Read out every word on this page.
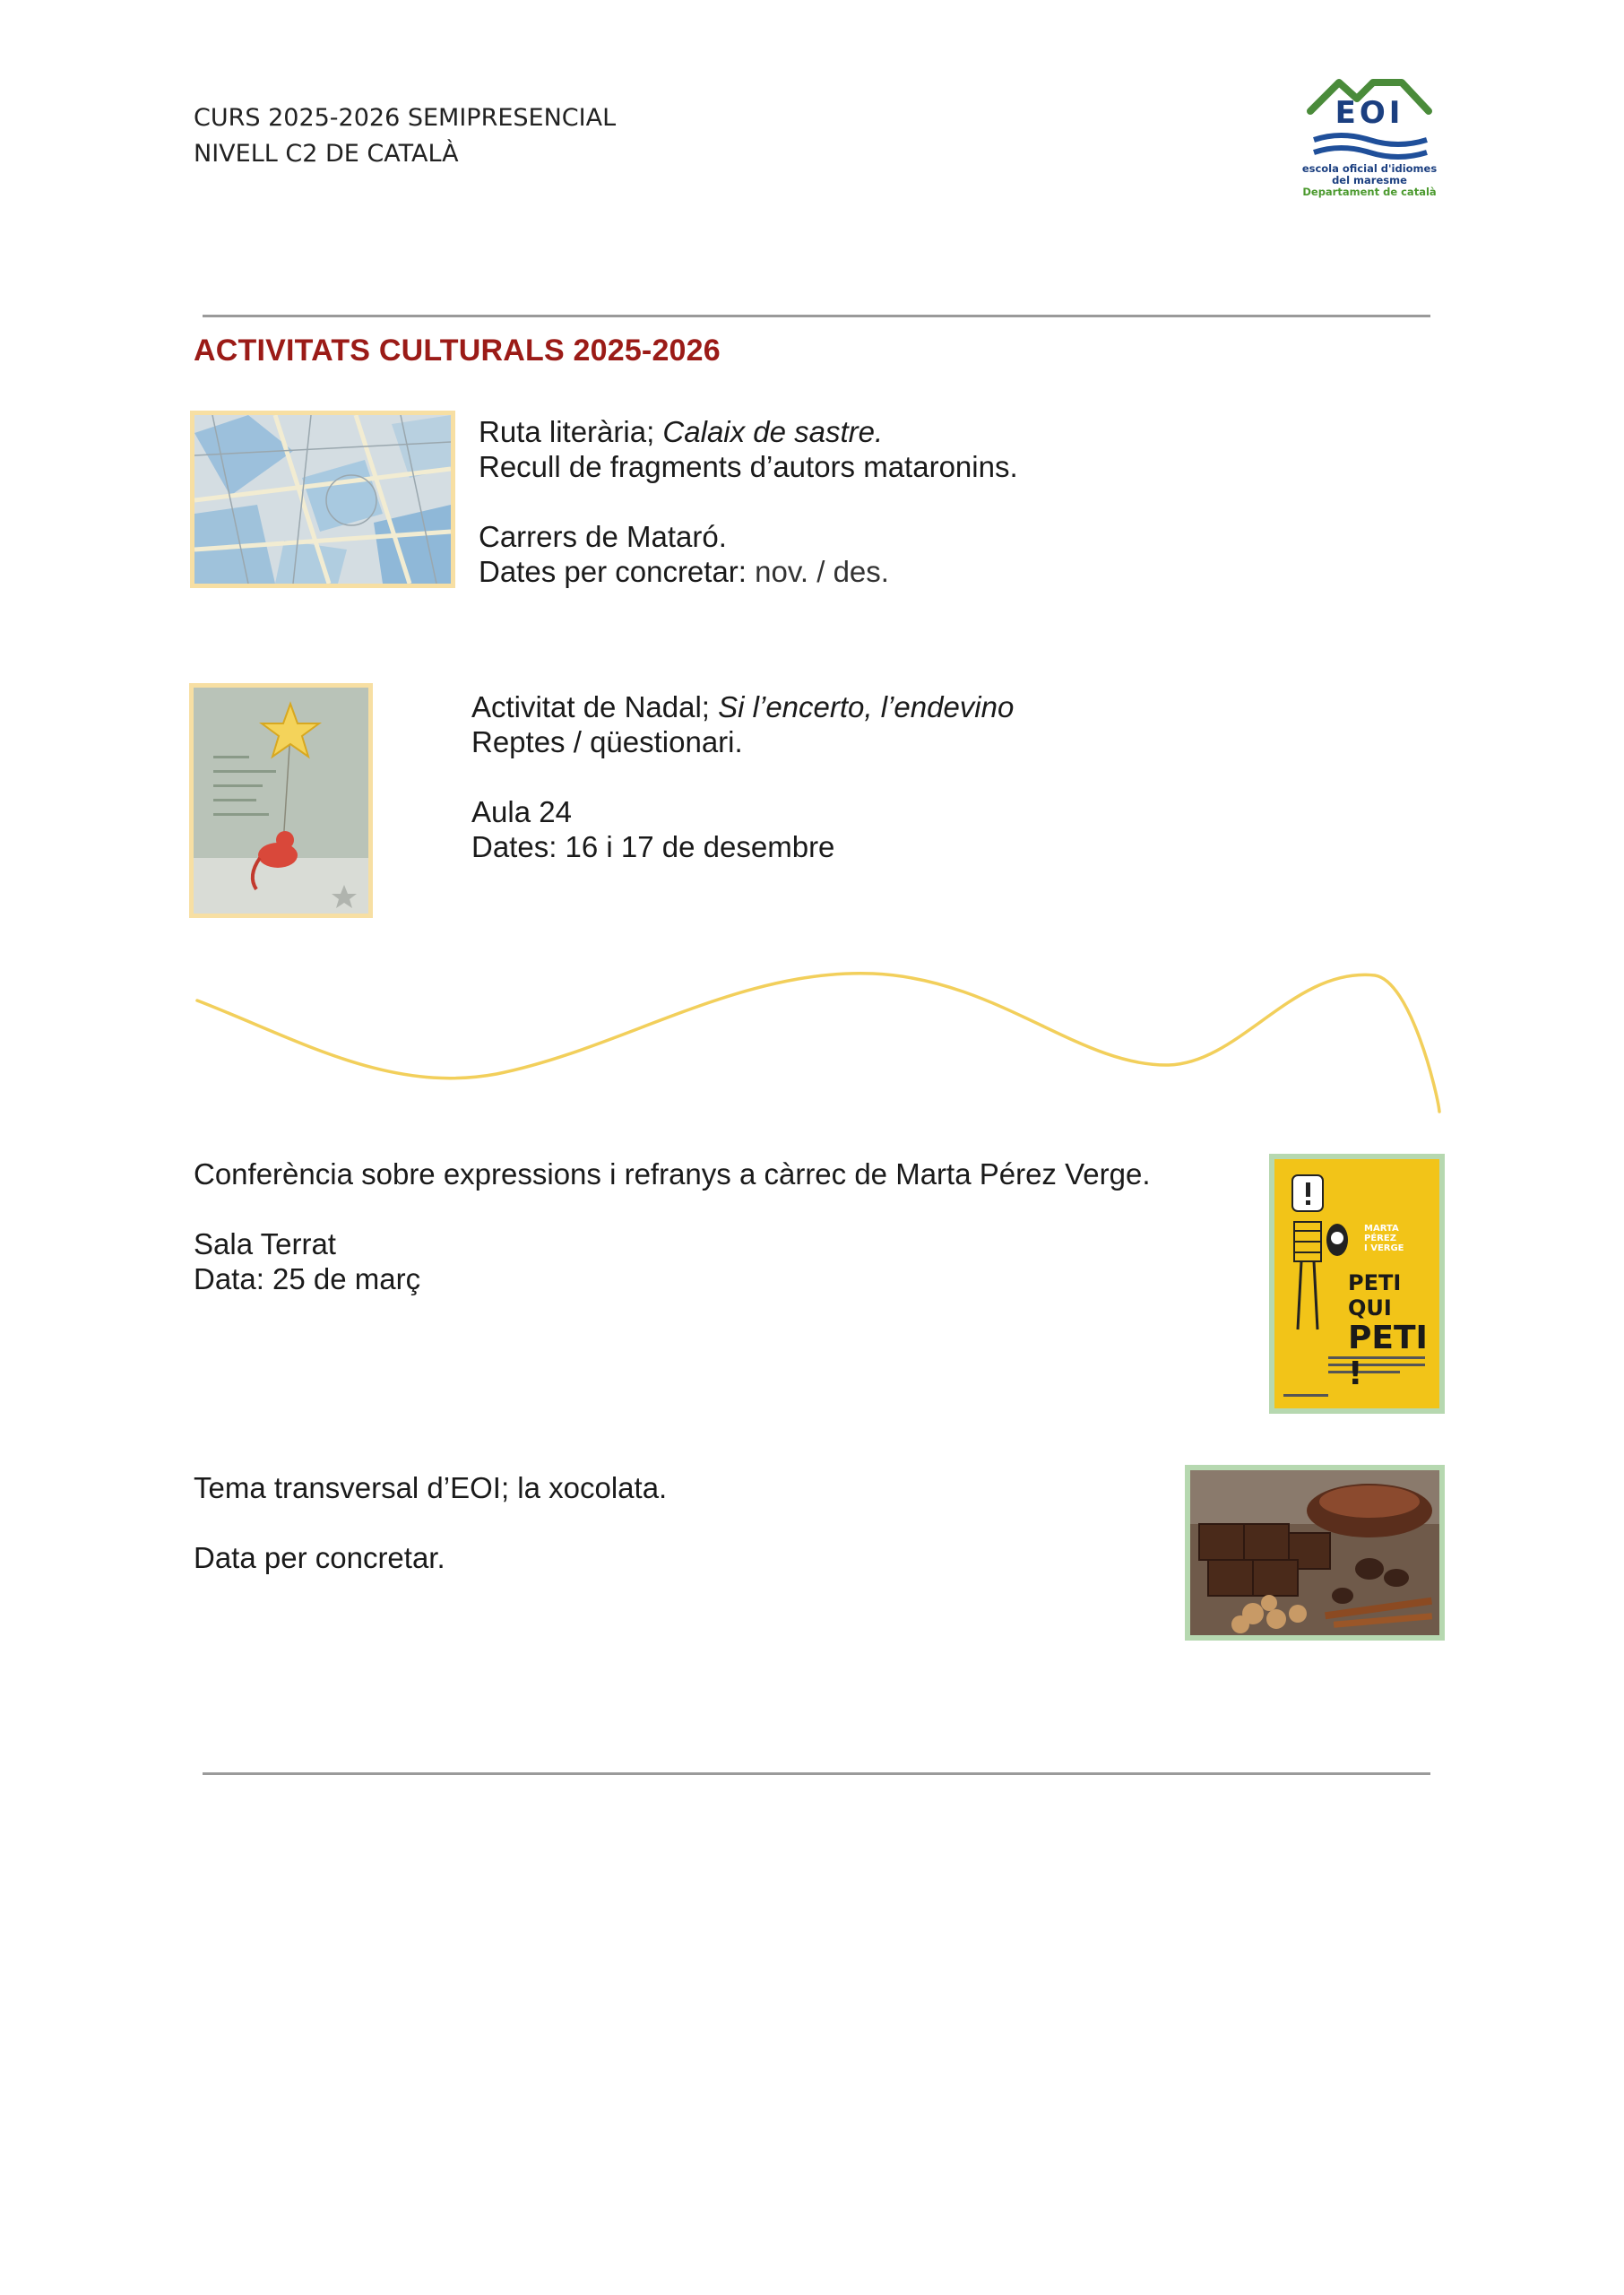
CURS 2025-2026 SEMIPRESENCIAL
NIVELL C2 DE CATALÀ
EOI
escola oficial d'idiomes
del maresme
Departament de català
ACTIVITATS CULTURALS 2025-2026
Ruta literària; Calaix de sastre.
Recull de fragments d’autors mataronins.
Carrers de Mataró.
Dates per concretar: nov. / des.
Activitat de Nadal; Si l’encerto, l’endevino
Reptes / qüestionari.
Aula 24
Dates: 16 i 17 de desembre
Conferència sobre expressions i refranys a càrrec de Marta Pérez Verge.
Sala Terrat
Data: 25 de març
MARTA
PÉREZ
I VERGE
PETI QUI
PETI !
Tema transversal d’EOI; la xocolata.
Data per concretar.
